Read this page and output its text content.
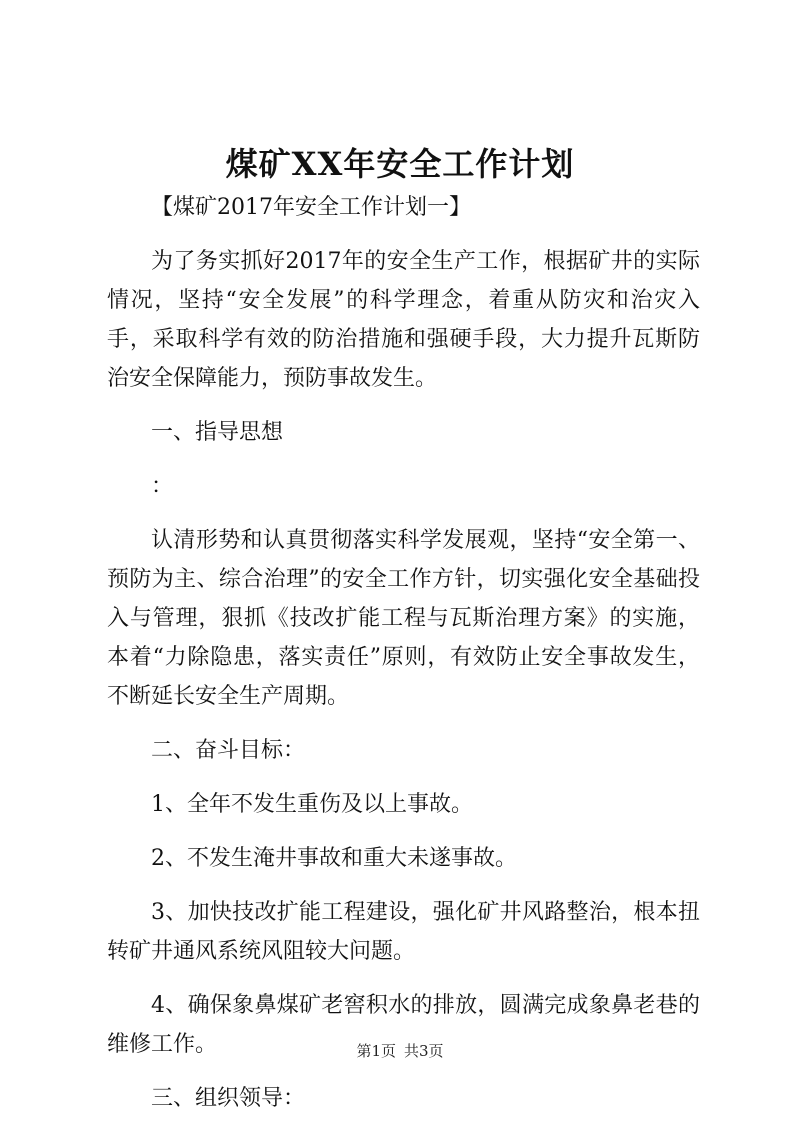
煤矿XX年安全工作计划

【煤矿2017年安全工作计划一】

为了务实抓好2017年的安全生产工作，根据矿井的实际情况，坚持“安全发展”的科学理念，着重从防灾和治灾入手，采取科学有效的防治措施和强硬手段，大力提升瓦斯防治安全保障能力，预防事故发生。

一、指导思想

：

认清形势和认真贯彻落实科学发展观，坚持“安全第一、预防为主、综合治理”的安全工作方针，切实强化安全基础投入与管理，狠抓《技改扩能工程与瓦斯治理方案》的实施，本着“力除隐患，落实责任”原则，有效防止安全事故发生，不断延长安全生产周期。

二、奋斗目标：

1、全年不发生重伤及以上事故。

2、不发生淹井事故和重大未遂事故。

3、加快技改扩能工程建设，强化矿井风路整治，根本扭转矿井通风系统风阻较大问题。

4、确保象鼻煤矿老窖积水的排放，圆满完成象鼻老巷的维修工作。

三、组织领导：

第1页 共3页
